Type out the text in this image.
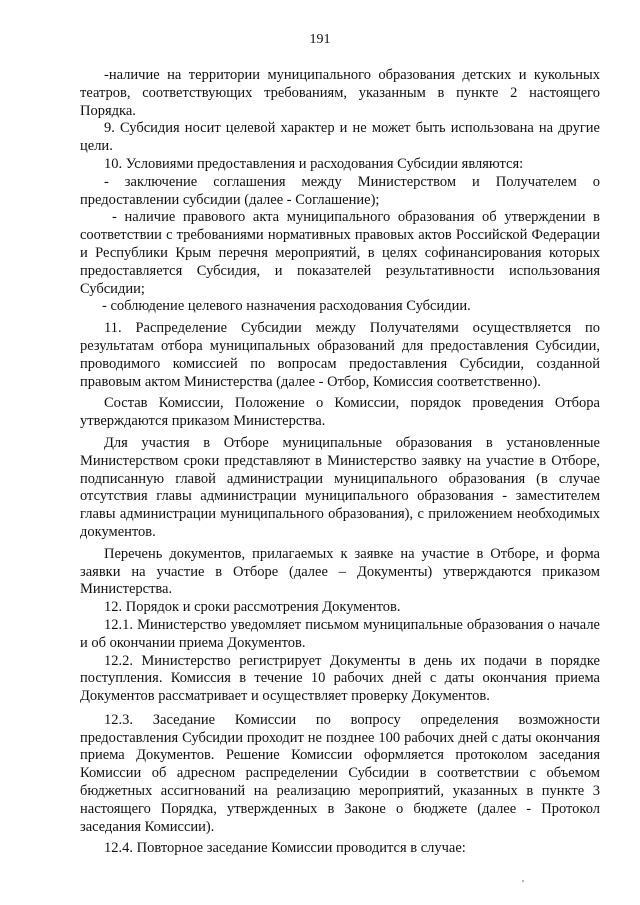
191

-наличие на территории муниципального образования детских и кукольных театров, соответствующих требованиям, указанным в пункте 2 настоящего Порядка.

9. Субсидия носит целевой характер и не может быть использована на другие цели.

10. Условиями предоставления и расходования Субсидии являются:

- заключение соглашения между Министерством и Получателем о предоставлении субсидии (далее - Соглашение);

- наличие правового акта муниципального образования об утверждении в соответствии с требованиями нормативных правовых актов Российской Федерации и Республики Крым перечня мероприятий, в целях софинансирования которых предоставляется Субсидия, и показателей результативности использования Субсидии;

- соблюдение целевого назначения расходования Субсидии.

11. Распределение Субсидии между Получателями осуществляется по результатам отбора муниципальных образований для предоставления Субсидии, проводимого комиссией по вопросам предоставления Субсидии, созданной правовым актом Министерства (далее - Отбор, Комиссия соответственно).

Состав Комиссии, Положение о Комиссии, порядок проведения Отбора утверждаются приказом Министерства.

Для участия в Отборе муниципальные образования в установленные Министерством сроки представляют в Министерство заявку на участие в Отборе, подписанную главой администрации муниципального образования (в случае отсутствия главы администрации муниципального образования - заместителем главы администрации муниципального образования), с приложением необходимых документов.

Перечень документов, прилагаемых к заявке на участие в Отборе, и форма заявки на участие в Отборе (далее – Документы) утверждаются приказом Министерства.

12. Порядок и сроки рассмотрения Документов.

12.1. Министерство уведомляет письмом муниципальные образования о начале и об окончании приема Документов.

12.2. Министерство регистрирует Документы в день их подачи в порядке поступления. Комиссия в течение 10 рабочих дней с даты окончания приема Документов рассматривает и осуществляет проверку Документов.

12.3. Заседание Комиссии по вопросу определения возможности предоставления Субсидии проходит не позднее 100 рабочих дней с даты окончания приема Документов. Решение Комиссии оформляется протоколом заседания Комиссии об адресном распределении Субсидии в соответствии с объемом бюджетных ассигнований на реализацию мероприятий, указанных в пункте 3 настоящего Порядка, утвержденных в Законе о бюджете (далее - Протокол заседания Комиссии).

12.4. Повторное заседание Комиссии проводится в случае:
